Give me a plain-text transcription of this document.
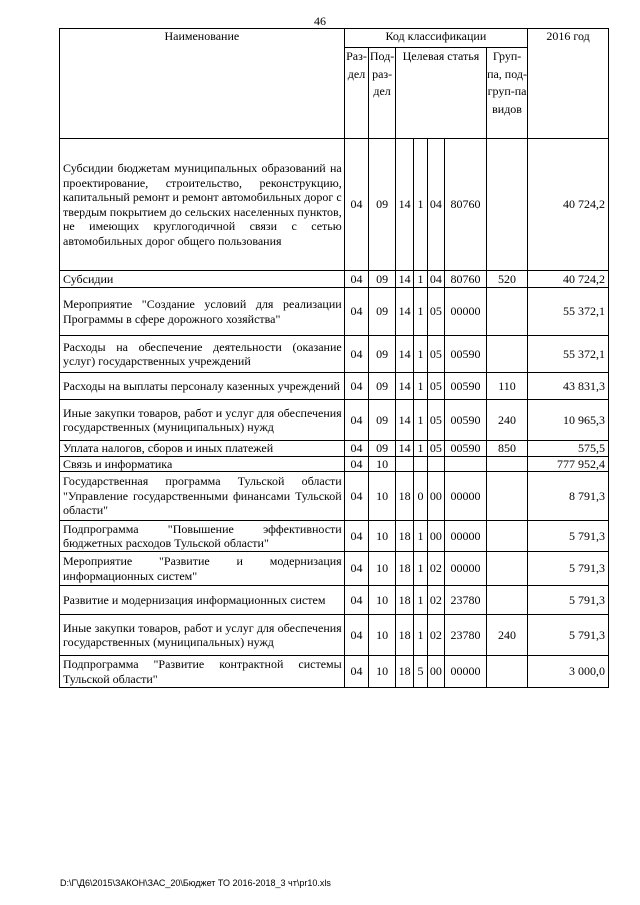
46
Наименование	Код классификации							2016 год
	Раз-дел	Под-раз-дел	Целевая статья				Груп-па, под-груп-па видов	
Субсидии бюджетам муниципальных образований на проектирование, строительство, реконструкцию, капитальный ремонт и ремонт автомобильных дорог с твердым покрытием до сельских населенных пунктов, не имеющих круглогодичной связи с сетью автомобильных дорог общего пользования	04	09	14	1	04	80760		40 724,2
Субсидии	04	09	14	1	04	80760	520	40 724,2
Мероприятие "Создание условий для реализации Программы в сфере дорожного хозяйства"	04	09	14	1	05	00000		55 372,1
Расходы на обеспечение деятельности (оказание услуг) государственных учреждений	04	09	14	1	05	00590		55 372,1
Расходы на выплаты персоналу казенных учреждений	04	09	14	1	05	00590	110	43 831,3
Иные закупки товаров, работ и услуг для обеспечения государственных (муниципальных) нужд	04	09	14	1	05	00590	240	10 965,3
Уплата налогов, сборов и иных платежей	04	09	14	1	05	00590	850	575,5
Связь и информатика	04	10						777 952,4
Государственная программа Тульской области "Управление государственными финансами Тульской области"	04	10	18	0	00	00000		8 791,3
Подпрограмма "Повышение эффективности бюджетных расходов Тульской области"	04	10	18	1	00	00000		5 791,3
Мероприятие "Развитие и модернизация информационных систем"	04	10	18	1	02	00000		5 791,3
Развитие и модернизация информационных систем	04	10	18	1	02	23780		5 791,3
Иные закупки товаров, работ и услуг для обеспечения государственных (муниципальных) нужд	04	10	18	1	02	23780	240	5 791,3
Подпрограмма "Развитие контрактной системы Тульской области"	04	10	18	5	00	00000		3 000,0
D:\Г\Д6\2015\ЗАКОН\ЗАС_20\Бюджет ТО 2016-2018_3 чт\pr10.xls
